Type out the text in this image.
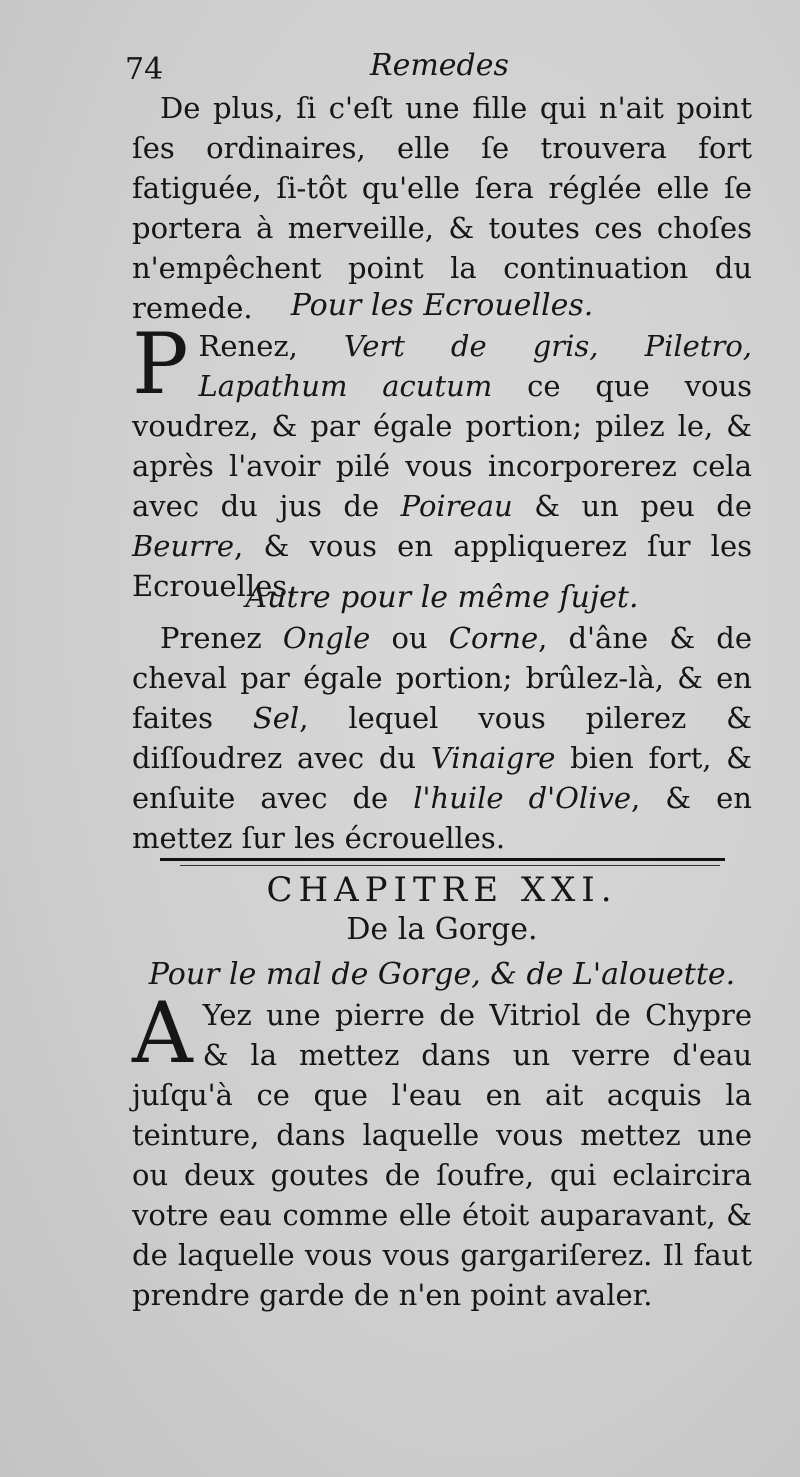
74	Remedes

De plus, ſi c'eſt une fille qui n'ait point ſes ordinaires, elle ſe trouvera fort fatiguée, ſi-tôt qu'elle ſera réglée elle ſe portera à merveille, & toutes ces choſes n'empêchent point la continuation du remede.	Pour les Ecrouelles.

P Renez, Vert de gris, Piletro, Lapathum acutum ce que vous voudrez, & par égale portion; pilez le, & après l'avoir pilé vous incorporerez cela avec du jus de Poireau & un peu de Beurre, & vous en appliquerez ſur les Ecrouelles.

Autre pour le même ſujet.

Prenez Ongle ou Corne, d'âne & de cheval par égale portion; brûlez-là, & en faites Sel, lequel vous pilerez & diſſoudrez avec du Vinaigre bien fort, & enſuite avec de l'huile d'Olive, & en mettez ſur les écrouelles.

CHAPITRE XXI.
De la Gorge.

Pour le mal de Gorge, & de L'alouette.

A Yez une pierre de Vitriol de Chypre & la mettez dans un verre d'eau juſqu'à ce que l'eau en ait acquis la teinture, dans laquelle vous mettez une ou deux goutes de ſoufre, qui eclaircira votre eau comme elle étoit auparavant, & de laquelle vous vous gargariſerez. Il faut prendre garde de n'en point avaler.
